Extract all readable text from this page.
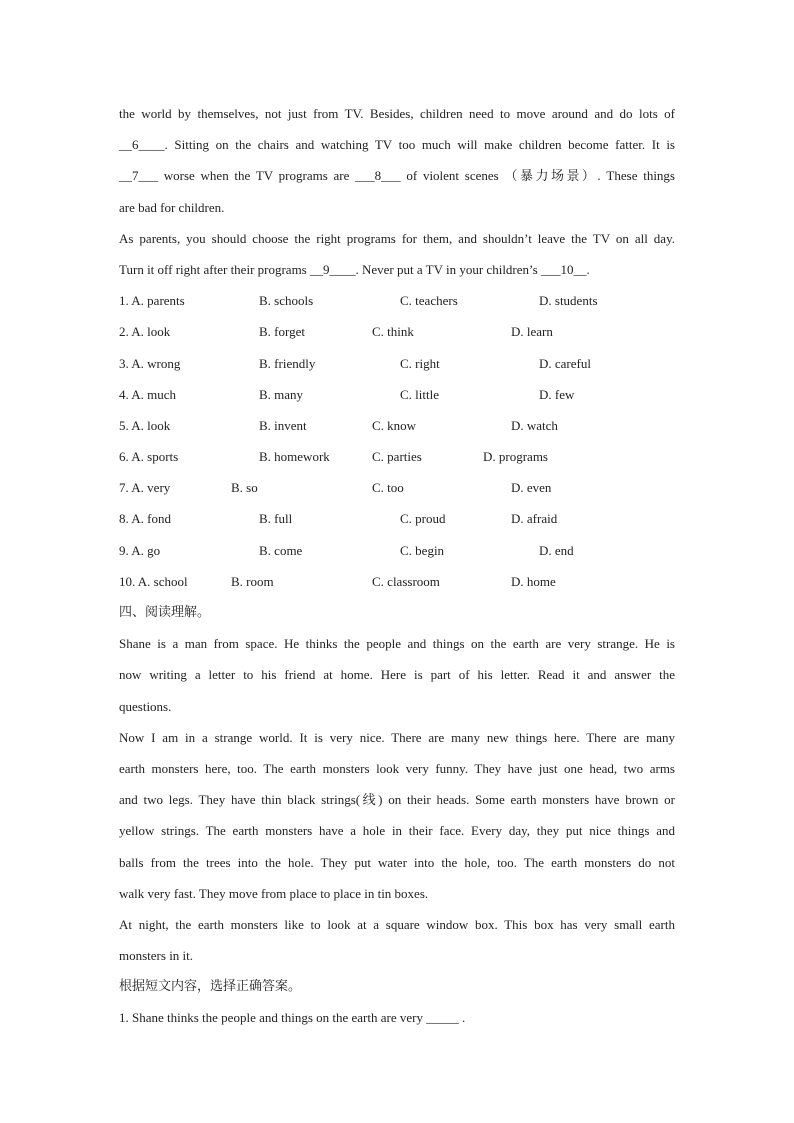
the world by themselves, not just from TV. Besides, children need to move around and do lots of
__6____. Sitting on the chairs and watching TV too much will make children become fatter. It is
__7___ worse when the TV programs are ___8___ of violent scenes （暴力场景）. These things
are bad for children.
As parents, you should choose the right programs for them, and shouldn’t leave the TV on all day.
Turn it off right after their programs __9____. Never put a TV in your children’s ___10__.
1. A. parents	B. schools	C. teachers	D. students
2. A. look	B. forget	C. think	D. learn
3. A. wrong	B. friendly	C. right	D. careful
4. A. much	B. many	C. little	D. few
5. A. look	B. invent	C. know	D. watch
6. A. sports	B. homework	C. parties	D. programs
7. A. very	B. so	C. too	D. even
8. A. fond	B. full	C. proud	D. afraid
9. A. go	B. come	C. begin	D. end
10. A. school	B. room	C. classroom	D. home
四、阅读理解。
Shane is a man from space. He thinks the people and things on the earth are very strange. He is
now writing a letter to his friend at home. Here is part of his letter. Read it and answer the
questions.
Now I am in a strange world. It is very nice. There are many new things here. There are many
earth monsters here, too. The earth monsters look very funny. They have just one head, two arms
and two legs. They have thin black strings(线) on their heads. Some earth monsters have brown or
yellow strings. The earth monsters have a hole in their face. Every day, they put nice things and
balls from the trees into the hole. They put water into the hole, too. The earth monsters do not
walk very fast. They move from place to place in tin boxes.
At night, the earth monsters like to look at a square window box. This box has very small earth
monsters in it.
根据短文内容，选择正确答案。
1. Shane thinks the people and things on the earth are very _____ .
